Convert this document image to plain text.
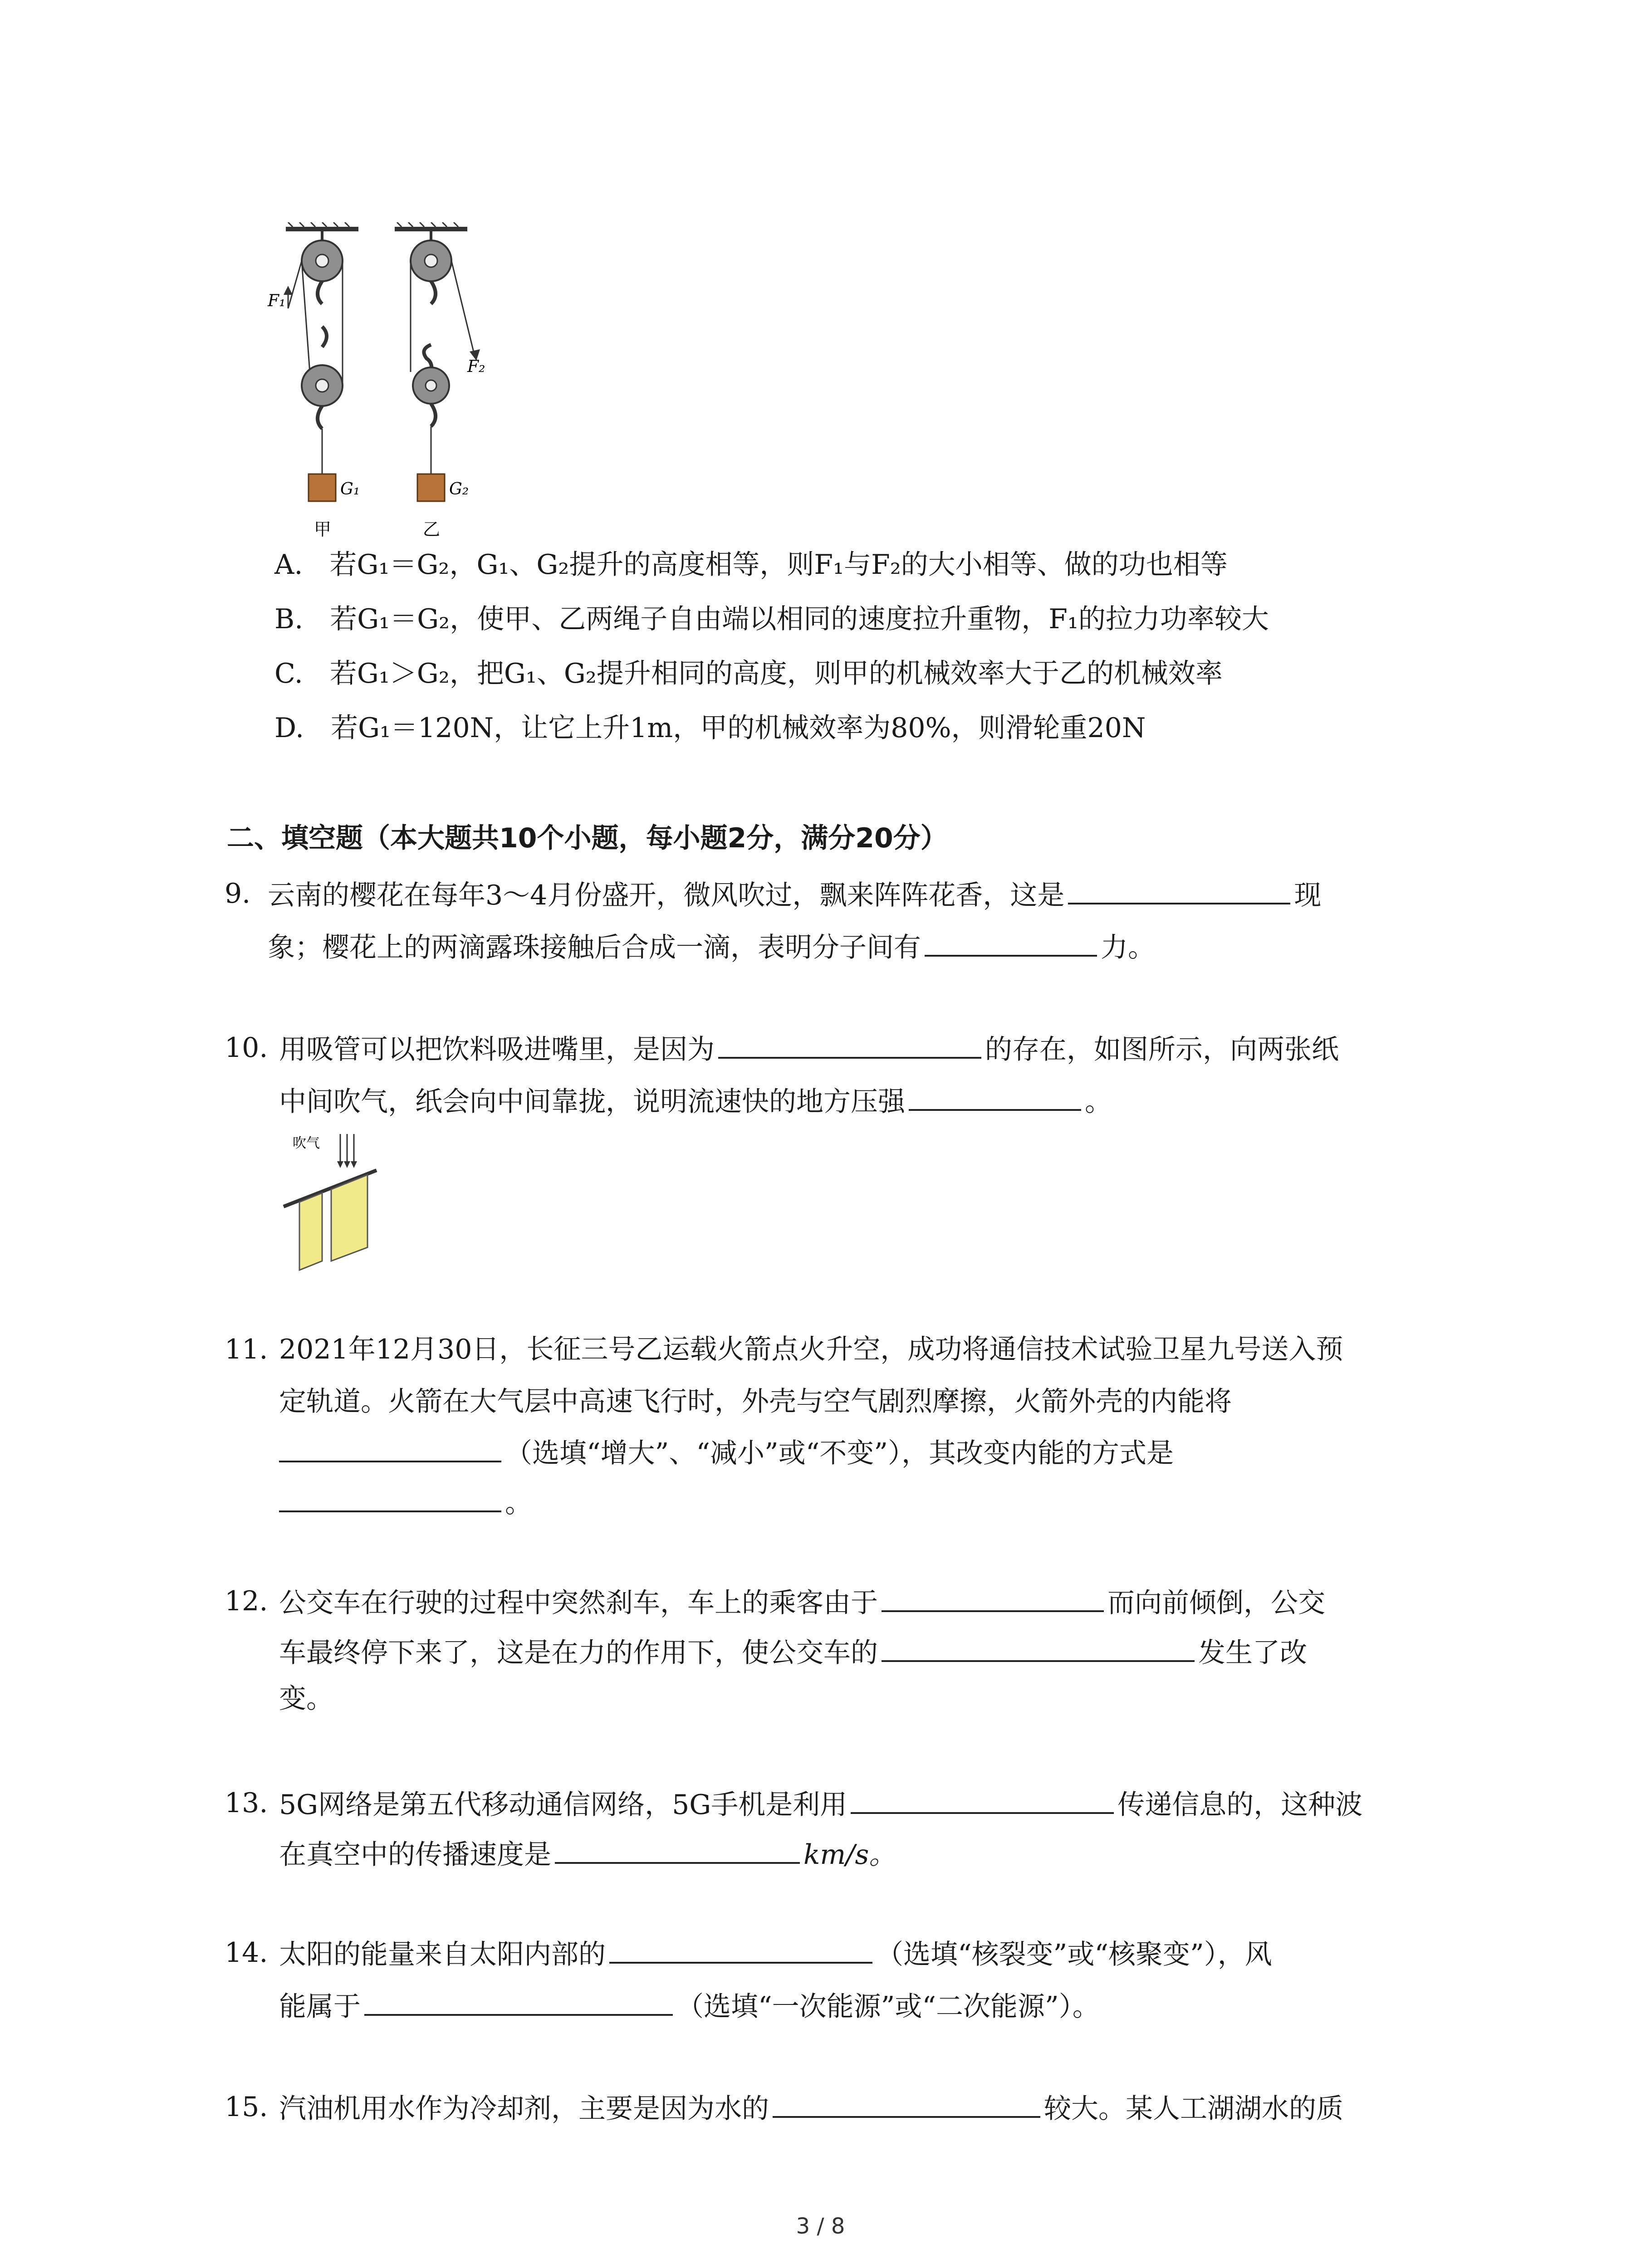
F₁
F₂
G₁	G₂
甲	乙
A. 若G₁＝G₂，G₁、G₂提升的高度相等，则F₁与F₂的大小相等、做的功也相等
B. 若G₁＝G₂，使甲、乙两绳子自由端以相同的速度拉升重物，F₁的拉力功率较大
C. 若G₁＞G₂，把G₁、G₂提升相同的高度，则甲的机械效率大于乙的机械效率
D. 若G₁＝120N，让它上升1m，甲的机械效率为80%，则滑轮重20N
二、填空题（本大题共10个小题，每小题2分，满分20分）
9. 云南的樱花在每年3～4月份盛开，微风吹过，飘来阵阵花香，这是	现
象；樱花上的两滴露珠接触后合成一滴，表明分子间有	力。
10. 用吸管可以把饮料吸进嘴里，是因为	的存在，如图所示，向两张纸
中间吹气，纸会向中间靠拢，说明流速快的地方压强	。
吹气
11. 2021年12月30日，长征三号乙运载火箭点火升空，成功将通信技术试验卫星九号送入预
定轨道。火箭在大气层中高速飞行时，外壳与空气剧烈摩擦，火箭外壳的内能将
（选填“增大”、“减小”或“不变”），其改变内能的方式是
。
12. 公交车在行驶的过程中突然刹车，车上的乘客由于	而向前倾倒，公交
车最终停下来了，这是在力的作用下，使公交车的	发生了改
变。
13. 5G网络是第五代移动通信网络，5G手机是利用	传递信息的，这种波
在真空中的传播速度是	km/s。
14. 太阳的能量来自太阳内部的	（选填“核裂变”或“核聚变”），风
能属于	（选填“一次能源”或“二次能源”）。
15. 汽油机用水作为冷却剂，主要是因为水的	较大。某人工湖湖水的质
3 / 8
